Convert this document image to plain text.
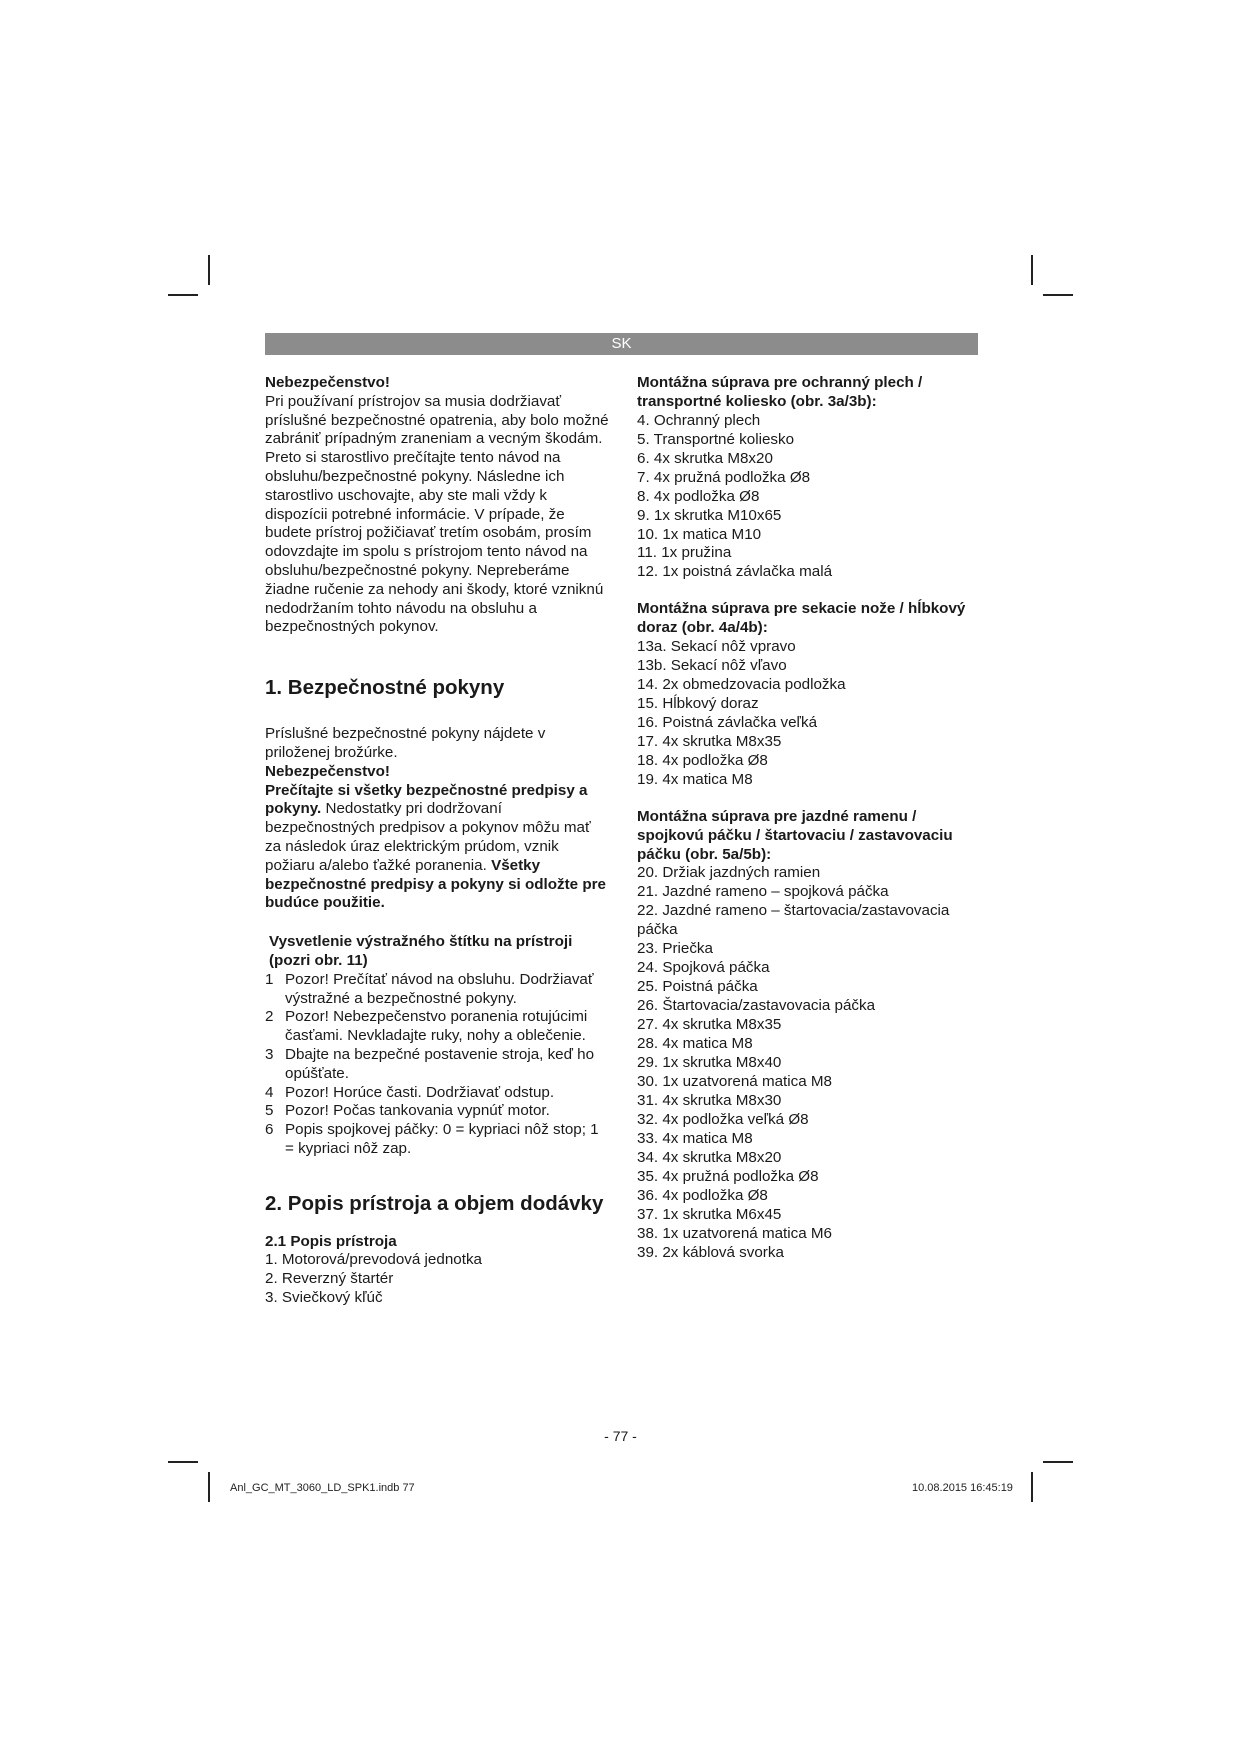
SK

Nebezpečenstvo!

Pri používaní prístrojov sa musia dodržiavať príslušné bezpečnostné opatrenia, aby bolo možné zabrániť prípadným zraneniam a vecným škodám. Preto si starostlivo prečítajte tento návod na obsluhu/bezpečnostné pokyny. Následne ich starostlivo uschovajte, aby ste mali vždy k dispozícii potrebné informácie. V prípade, že budete prístroj požičiavať tretím osobám, prosím odovzdajte im spolu s prístrojom tento návod na obsluhu/bezpečnostné pokyny. Nepreberáme žiadne ručenie za nehody ani škody, ktoré vzniknú nedodržaním tohto návodu na obsluhu a bezpečnostných pokynov.

1. Bezpečnostné pokyny

Príslušné bezpečnostné pokyny nájdete v priloženej brožúrke.

Nebezpečenstvo!

Prečítajte si všetky bezpečnostné predpisy a pokyny. Nedostatky pri dodržovaní bezpečnostných predpisov a pokynov môžu mať za následok úraz elektrickým prúdom, vznik požiaru a/alebo ťažké poranenia. Všetky bezpečnostné predpisy a pokyny si odložte pre budúce použitie.

Vysvetlenie výstražného štítku na prístroji (pozri obr. 11)

1 Pozor! Prečítať návod na obsluhu. Dodržiavať výstražné a bezpečnostné pokyny.
2 Pozor! Nebezpečenstvo poranenia rotujúcimi časťami. Nevkladajte ruky, nohy a oblečenie.
3 Dbajte na bezpečné postavenie stroja, keď ho opúšťate.
4 Pozor! Horúce časti. Dodržiavať odstup.
5 Pozor! Počas tankovania vypnúť motor.
6 Popis spojkovej páčky: 0 = kypriaci nôž stop; 1 = kypriaci nôž zap.

2. Popis prístroja a objem dodávky

2.1 Popis prístroja

1. Motorová/prevodová jednotka
2. Reverzný štartér
3. Sviečkový kľúč

Montážna súprava pre ochranný plech / transportné koliesko (obr. 3a/3b):

4. Ochranný plech
5. Transportné koliesko
6. 4x skrutka M8x20
7. 4x pružná podložka Ø8
8. 4x podložka Ø8
9. 1x skrutka M10x65
10. 1x matica M10
11. 1x pružina
12. 1x poistná závlačka malá

Montážna súprava pre sekacie nože / hĺbkový doraz (obr. 4a/4b):

13a. Sekací nôž vpravo
13b. Sekací nôž vľavo
14. 2x obmedzovacia podložka
15. Hĺbkový doraz
16. Poistná závlačka veľká
17. 4x skrutka M8x35
18. 4x podložka Ø8
19. 4x matica M8

Montážna súprava pre jazdné ramenu / spojkovú páčku / štartovaciu / zastavovaciu páčku (obr. 5a/5b):

20. Držiak jazdných ramien
21. Jazdné rameno – spojková páčka
22. Jazdné rameno – štartovacia/zastavovacia páčka
23. Priečka
24. Spojková páčka
25. Poistná páčka
26. Štartovacia/zastavovacia páčka
27. 4x skrutka M8x35
28. 4x matica M8
29. 1x skrutka M8x40
30. 1x uzatvorená matica M8
31. 4x skrutka M8x30
32. 4x podložka veľká Ø8
33. 4x matica M8
34. 4x skrutka M8x20
35. 4x pružná podložka Ø8
36. 4x podložka Ø8
37. 1x skrutka M6x45
38. 1x uzatvorená matica M6
39. 2x káblová svorka
- 77 -
Anl_GC_MT_3060_LD_SPK1.indb 77	10.08.2015 16:45:19
